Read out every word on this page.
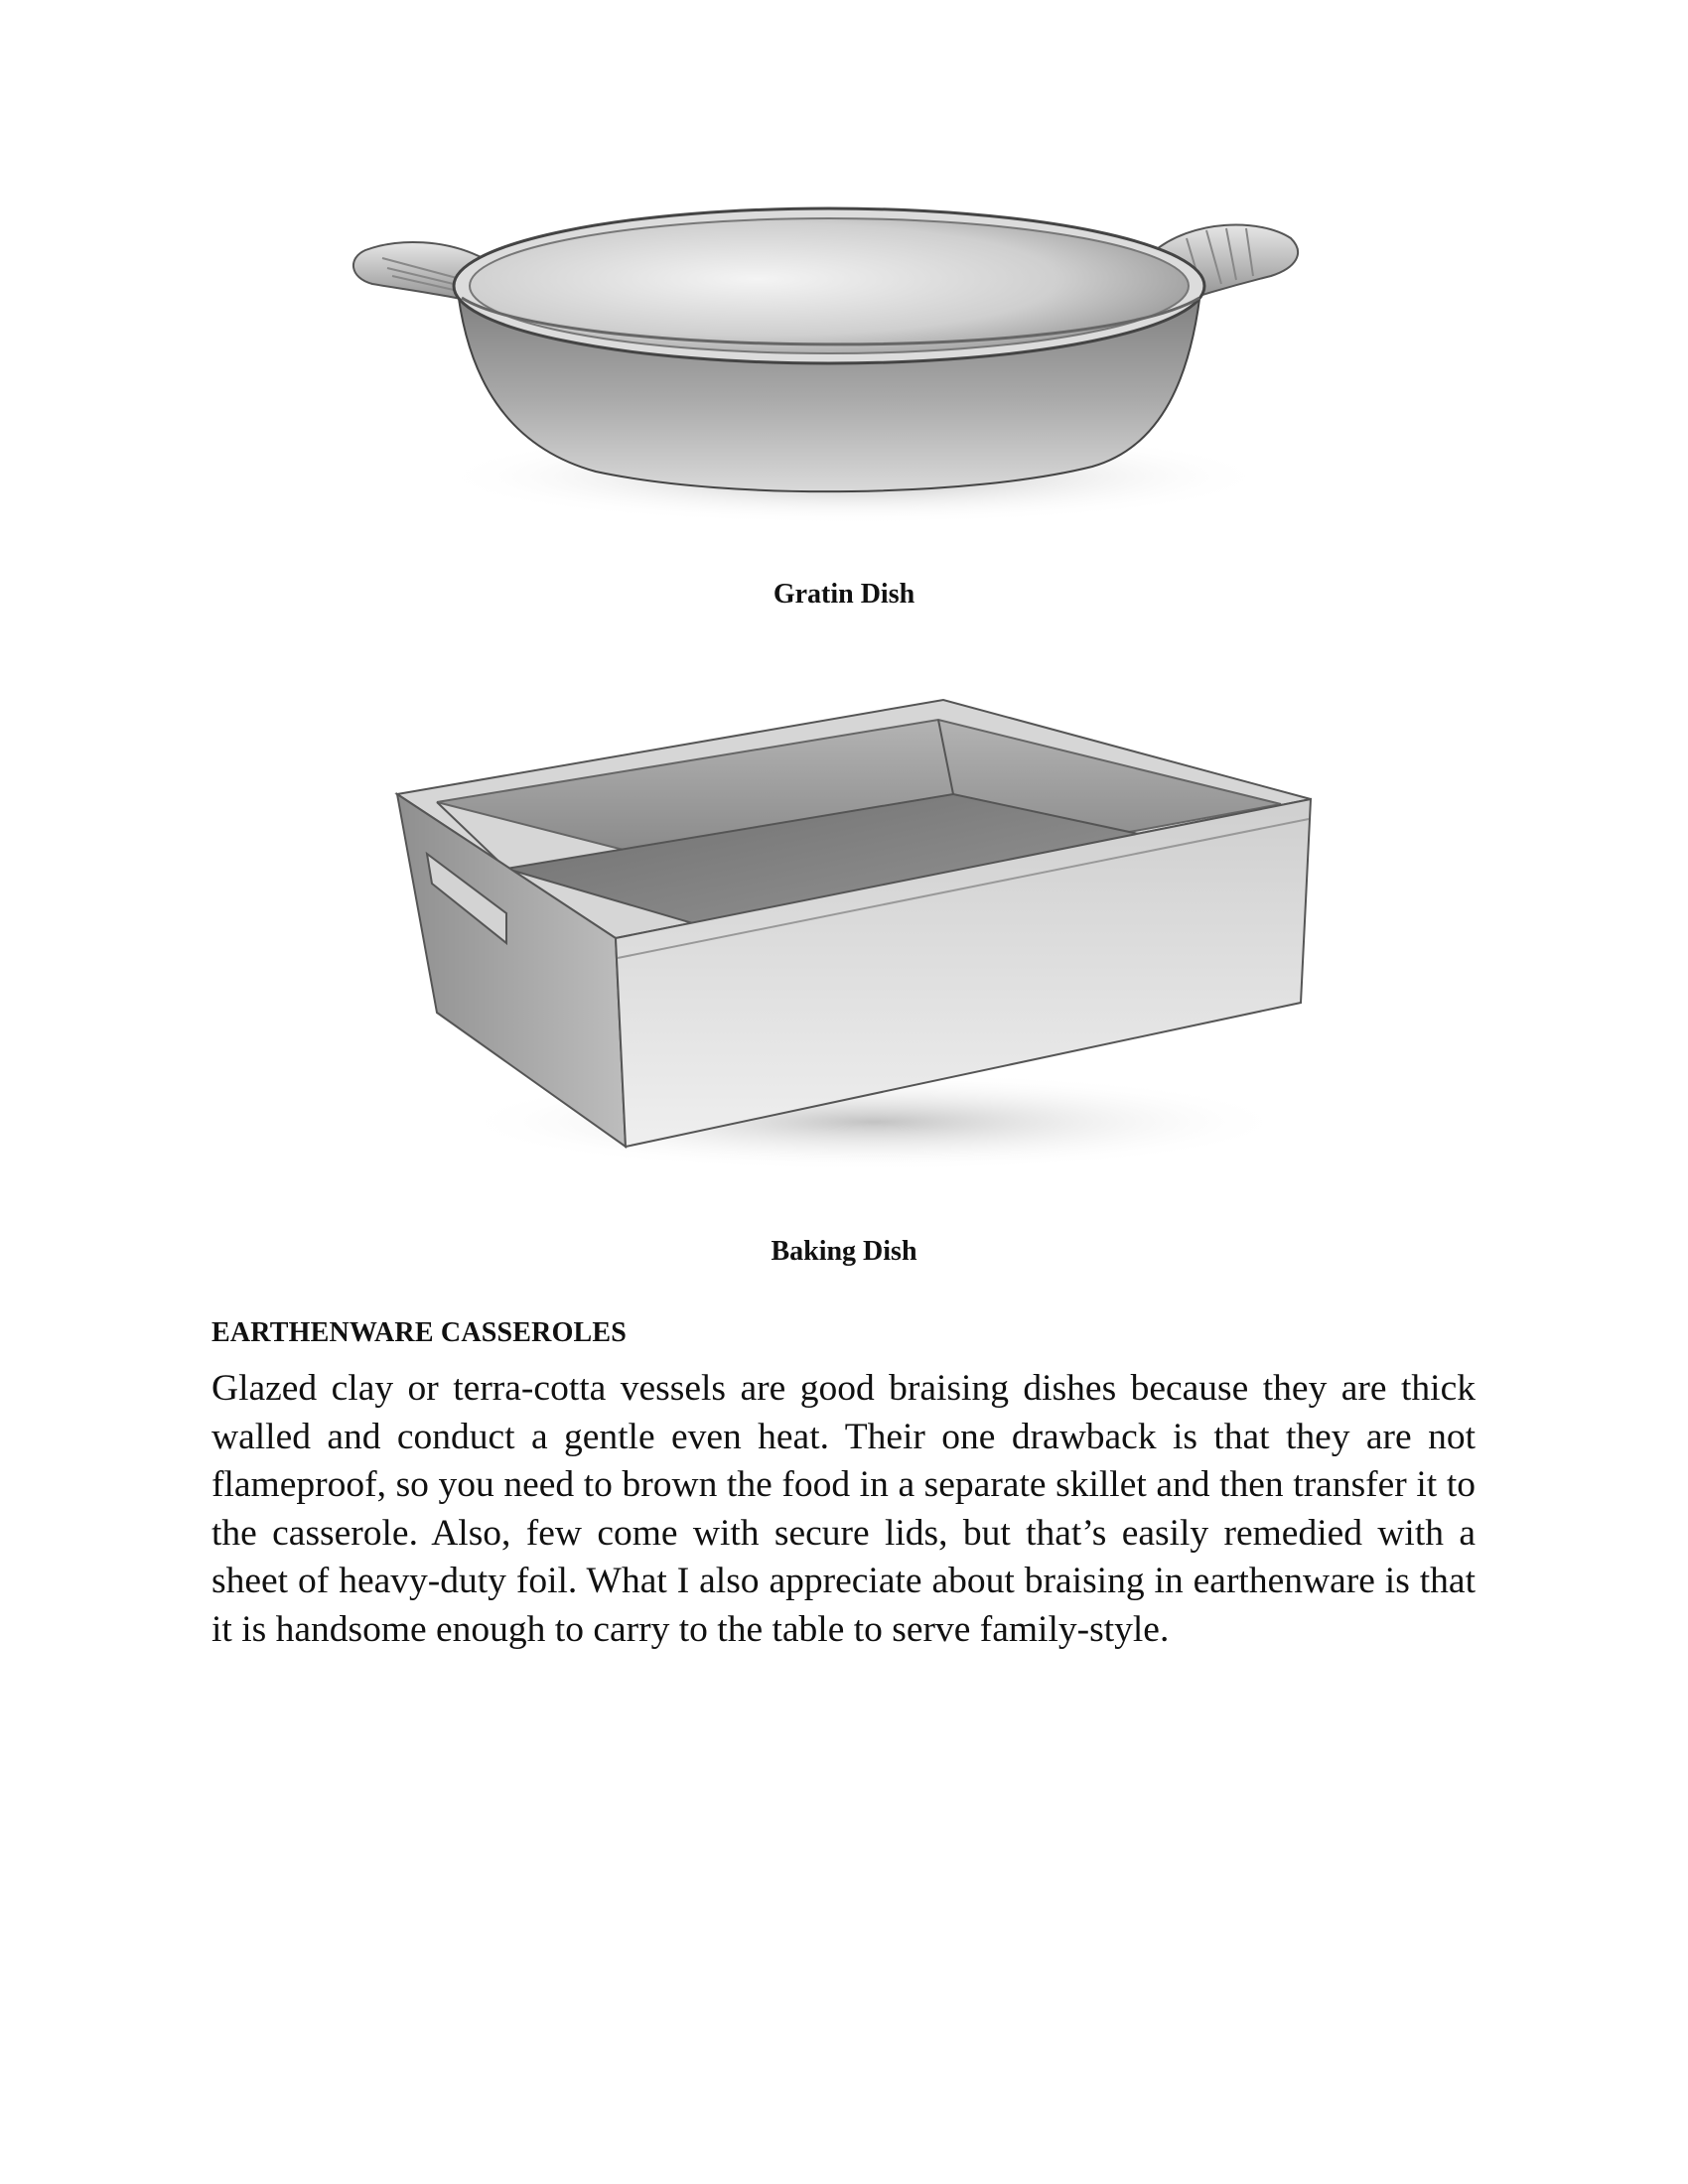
Gratin Dish
Baking Dish
EARTHENWARE CASSEROLES

Glazed clay or terra-cotta vessels are good braising dishes because they are thick walled and conduct a gentle even heat. Their one drawback is that they are not flameproof, so you need to brown the food in a separate skillet and then transfer it to the casserole. Also, few come with secure lids, but that’s easily remedied with a sheet of heavy-duty foil. What I also appreciate about braising in earthenware is that it is handsome enough to carry to the table to serve family-style.
